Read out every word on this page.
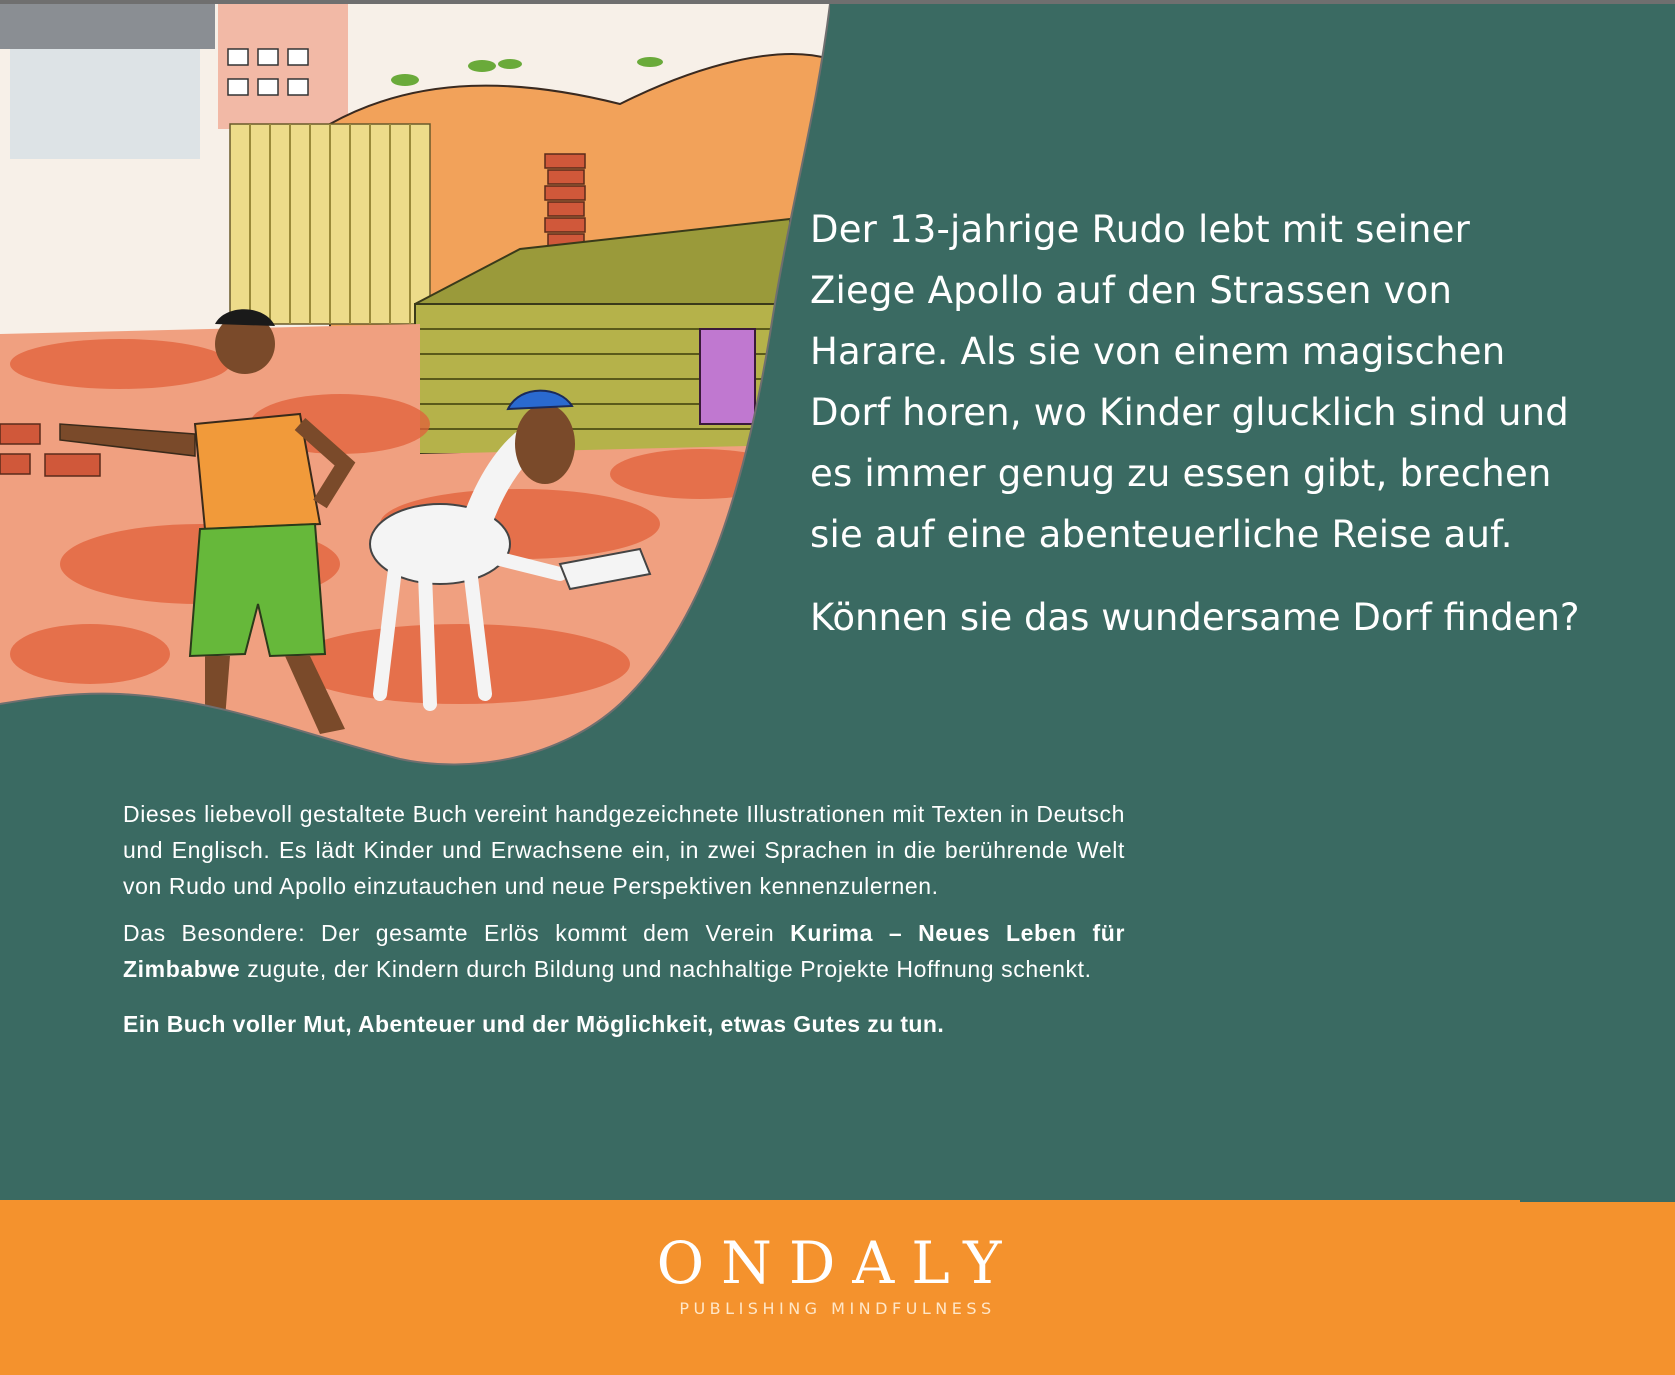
Der 13-jahrige Rudo lebt mit seiner
Ziege Apollo auf den Strassen von
Harare. Als sie von einem magischen
Dorf horen, wo Kinder glucklich sind und
es immer genug zu essen gibt, brechen
sie auf eine abenteuerliche Reise auf.
Können sie das wundersame Dorf finden?

Dieses liebevoll gestaltete Buch vereint handgezeichnete Illustrationen mit Texten in Deutsch und Englisch. Es lädt Kinder und Erwachsene ein, in zwei Sprachen in die berührende Welt von Rudo und Apollo einzutauchen und neue Perspektiven kennenzulernen.

Das Besondere: Der gesamte Erlös kommt dem Verein Kurima – Neues Leben für Zimbabwe zugute, der Kindern durch Bildung und nachhaltige Projekte Hoffnung schenkt.

Ein Buch voller Mut, Abenteuer und der Möglichkeit, etwas Gutes zu tun.

ONDALY
PUBLISHING MINDFULNESS
